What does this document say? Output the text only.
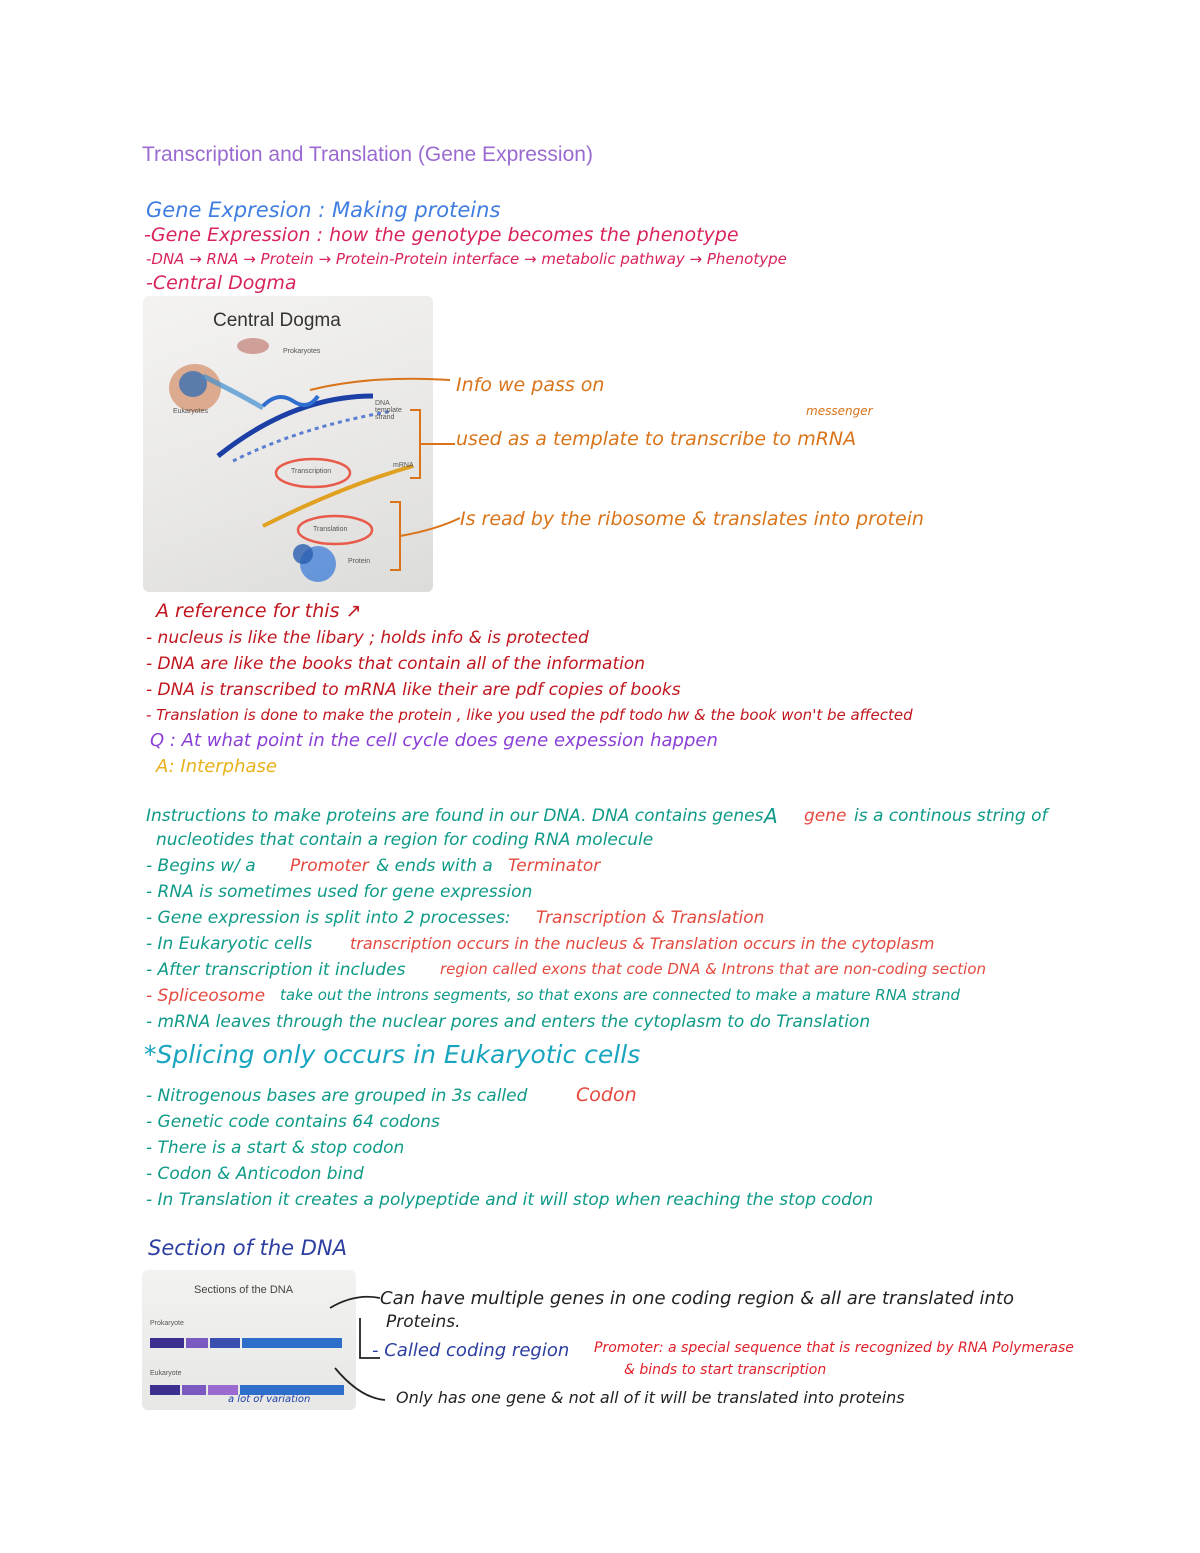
Transcription and Translation (Gene Expression)
Gene Expresion : Making proteins
-Gene Expression : how the genotype becomes the phenotype
-DNA → RNA → Protein → Protein-Protein interface → metabolic pathway → Phenotype
-Central Dogma
Central Dogma
Prokaryotes
Eukaryotes
DNA
template
strand
Transcription
mRNA
Translation
Protein
Info we pass on
messenger
used as a template to transcribe to mRNA
Is read by the ribosome & translates into protein
A reference for this ↗
- nucleus is like the libary ; holds info & is protected
- DNA are like the books that contain all of the information
- DNA is transcribed to mRNA like their are pdf copies of books
- Translation is done to make the protein , like you used the pdf todo hw & the book won't be affected
Q : At what point in the cell cycle does gene expession happen
A: Interphase
Instructions to make proteins are found in our DNA. DNA contains genes.
A gene is a continous string of
nucleotides that contain a region for coding RNA molecule
- Begins w/ a Promoter & ends with a Terminator
- RNA is sometimes used for gene expression
- Gene expression is split into 2 processes: Transcription & Translation
- In Eukaryotic cells transcription occurs in the nucleus & Translation occurs in the cytoplasm
- After transcription it includes region called exons that code DNA & Introns that are non-coding section
- Spliceosome take out the introns segments, so that exons are connected to make a mature RNA strand
- mRNA leaves through the nuclear pores and enters the cytoplasm to do Translation
*Splicing only occurs in Eukaryotic cells
- Nitrogenous bases are grouped in 3s called	Codon
- Genetic code contains 64 codons
- There is a start & stop codon
- Codon & Anticodon bind
- In Translation it creates a polypeptide and it will stop when reaching the stop codon
Section of the DNA
Sections of the DNA
Prokaryote
Eukaryote
a lot of variation
Can have multiple genes in one coding region & all are translated into
Proteins.
- Called coding region Promoter: a special sequence that is recognized by RNA Polymerase
& binds to start transcription
Only has one gene & not all of it will be translated into proteins
